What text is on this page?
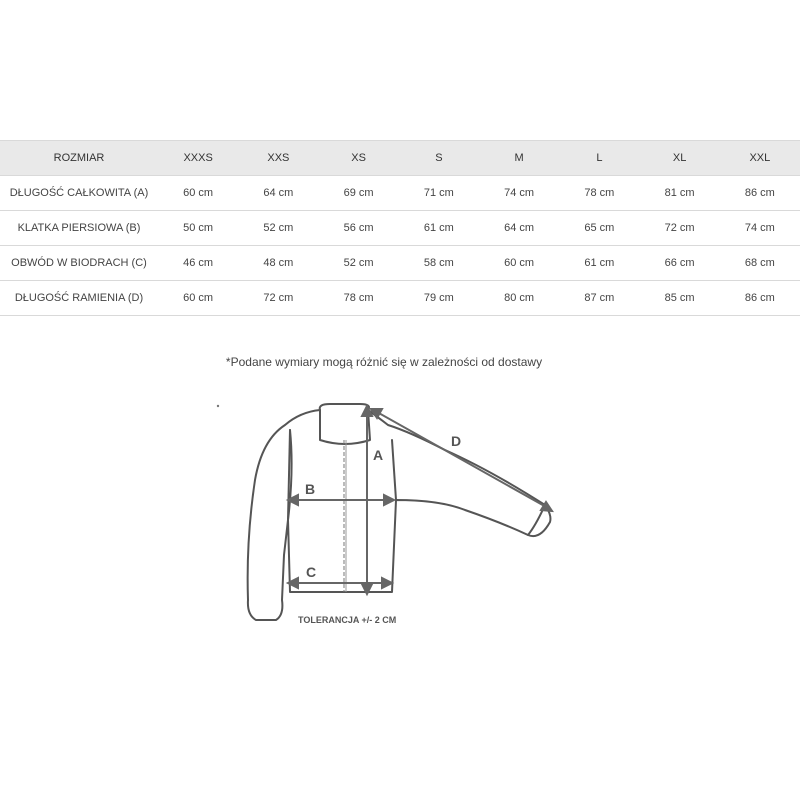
ROZMIAR	XXXS	XXS	XS	S	M	L	XL	XXL
DŁUGOŚĆ CAŁKOWITA (A)	60 cm	64 cm	69 cm	71 cm	74 cm	78 cm	81 cm	86 cm
KLATKA PIERSIOWA (B)	50 cm	52 cm	56 cm	61 cm	64 cm	65 cm	72 cm	74 cm
OBWÓD W BIODRACH (C)	46 cm	48 cm	52 cm	58 cm	60 cm	61 cm	66 cm	68 cm
DŁUGOŚĆ RAMIENIA (D)	60 cm	72 cm	78 cm	79 cm	80 cm	87 cm	85 cm	86 cm
*Podane wymiary mogą różnić się w zależności od dostawy
A
B
C
D
TOLERANCJA +/- 2 CM
